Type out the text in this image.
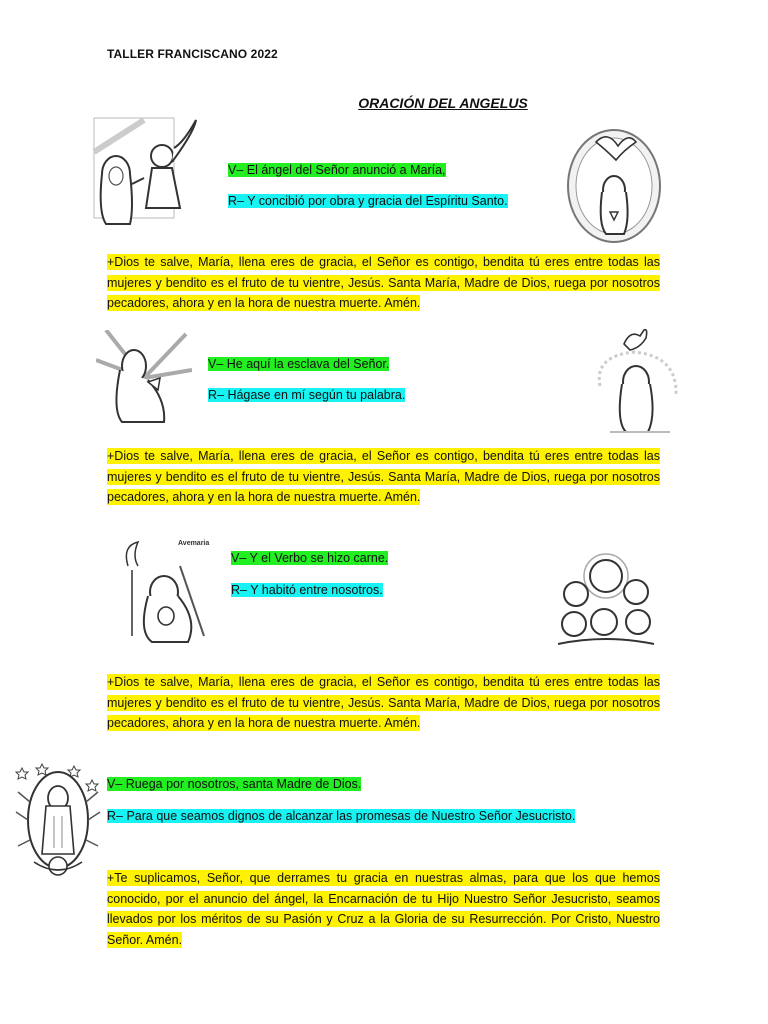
TALLER FRANCISCANO 2022
ORACIÓN DEL ANGELUS
V– El ángel del Señor anunció a María,
R– Y concibió por obra y gracia del Espíritu Santo.
+Dios te salve, María, llena eres de gracia, el Señor es contigo, bendita tú eres entre todas las mujeres y bendito es el fruto de tu vientre, Jesús. Santa María, Madre de Dios, ruega por nosotros pecadores, ahora y en la hora de nuestra muerte. Amén.
V– He aquí la esclava del Señor.
R– Hágase en mí según tu palabra.
+Dios te salve, María, llena eres de gracia, el Señor es contigo, bendita tú eres entre todas las mujeres y bendito es el fruto de tu vientre, Jesús. Santa María, Madre de Dios, ruega por nosotros pecadores, ahora y en la hora de nuestra muerte. Amén.
Avemaria
V– Y el Verbo se hizo carne.
R– Y habitó entre nosotros.
+Dios te salve, María, llena eres de gracia, el Señor es contigo, bendita tú eres entre todas las mujeres y bendito es el fruto de tu vientre, Jesús. Santa María, Madre de Dios, ruega por nosotros pecadores, ahora y en la hora de nuestra muerte. Amén.
V– Ruega por nosotros, santa Madre de Dios.
R– Para que seamos dignos de alcanzar las promesas de Nuestro Señor Jesucristo.
+Te suplicamos, Señor, que derrames tu gracia en nuestras almas, para que los que hemos conocido, por el anuncio del ángel, la Encarnación de tu Hijo Nuestro Señor Jesucristo, seamos llevados por los méritos de su Pasión y Cruz a la Gloria de su Resurrección. Por Cristo, Nuestro Señor. Amén.
